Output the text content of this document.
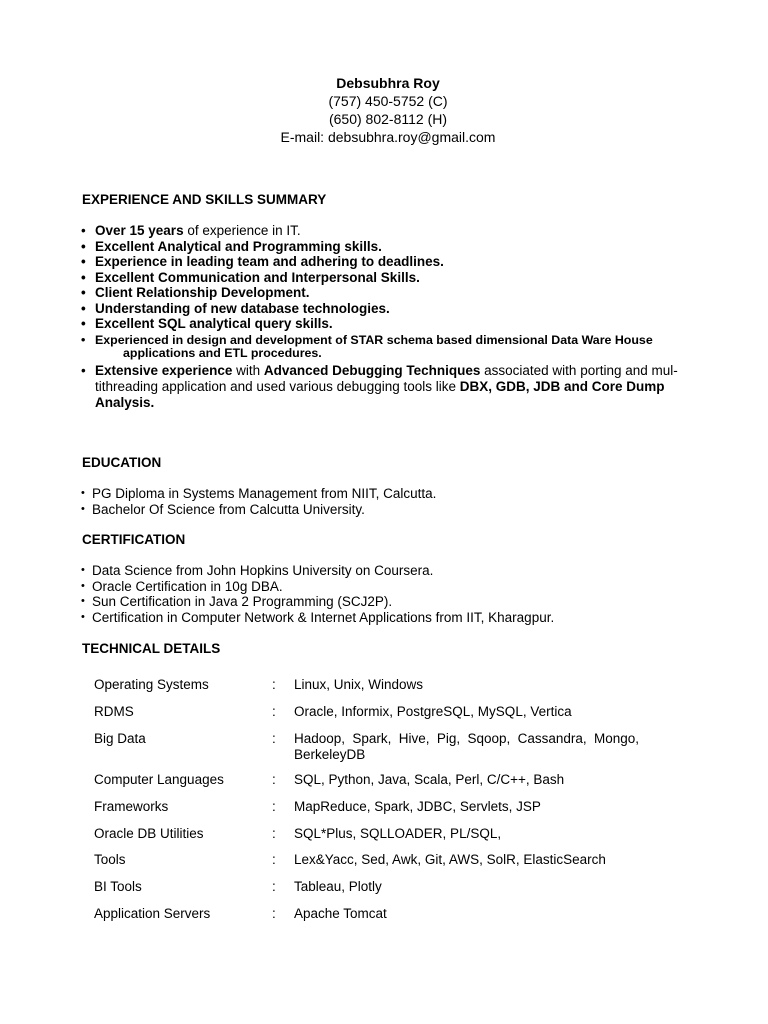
Debsubhra Roy
(757) 450-5752 (C)
(650) 802-8112 (H)
E-mail: debsubhra.roy@gmail.com
EXPERIENCE AND SKILLS SUMMARY
• Over 15 years of experience in IT.
• Excellent Analytical and Programming skills.
• Experience in leading team and adhering to deadlines.
• Excellent Communication and Interpersonal Skills.
• Client Relationship Development.
• Understanding of new database technologies.
• Excellent SQL analytical query skills.
• Experienced in design and development of STAR schema based dimensional Data Ware House
applications and ETL procedures.
• Extensive experience with Advanced Debugging Techniques associated with porting and mul-tithreading application and used various debugging tools like DBX, GDB, JDB and Core Dump Analysis.
EDUCATION
• PG Diploma in Systems Management from NIIT, Calcutta.
• Bachelor Of Science from Calcutta University.
CERTIFICATION
• Data Science from John Hopkins University on Coursera.
• Oracle Certification in 10g DBA.
• Sun Certification in Java 2 Programming (SCJ2P).
• Certification in Computer Network & Internet Applications from IIT, Kharagpur.
TECHNICAL DETAILS
Operating Systems	:	Linux, Unix, Windows
RDMS	:	Oracle, Informix, PostgreSQL, MySQL, Vertica
Big Data	:	Hadoop, Spark, Hive, Pig, Sqoop, Cassandra, Mongo, BerkeleyDB
Computer Languages	:	SQL, Python, Java, Scala, Perl, C/C++, Bash
Frameworks	:	MapReduce, Spark, JDBC, Servlets, JSP
Oracle DB Utilities	:	SQL*Plus, SQLLOADER, PL/SQL,
Tools	:	Lex&Yacc, Sed, Awk, Git, AWS, SolR, ElasticSearch
BI Tools	:	Tableau, Plotly
Application Servers	:	Apache Tomcat
